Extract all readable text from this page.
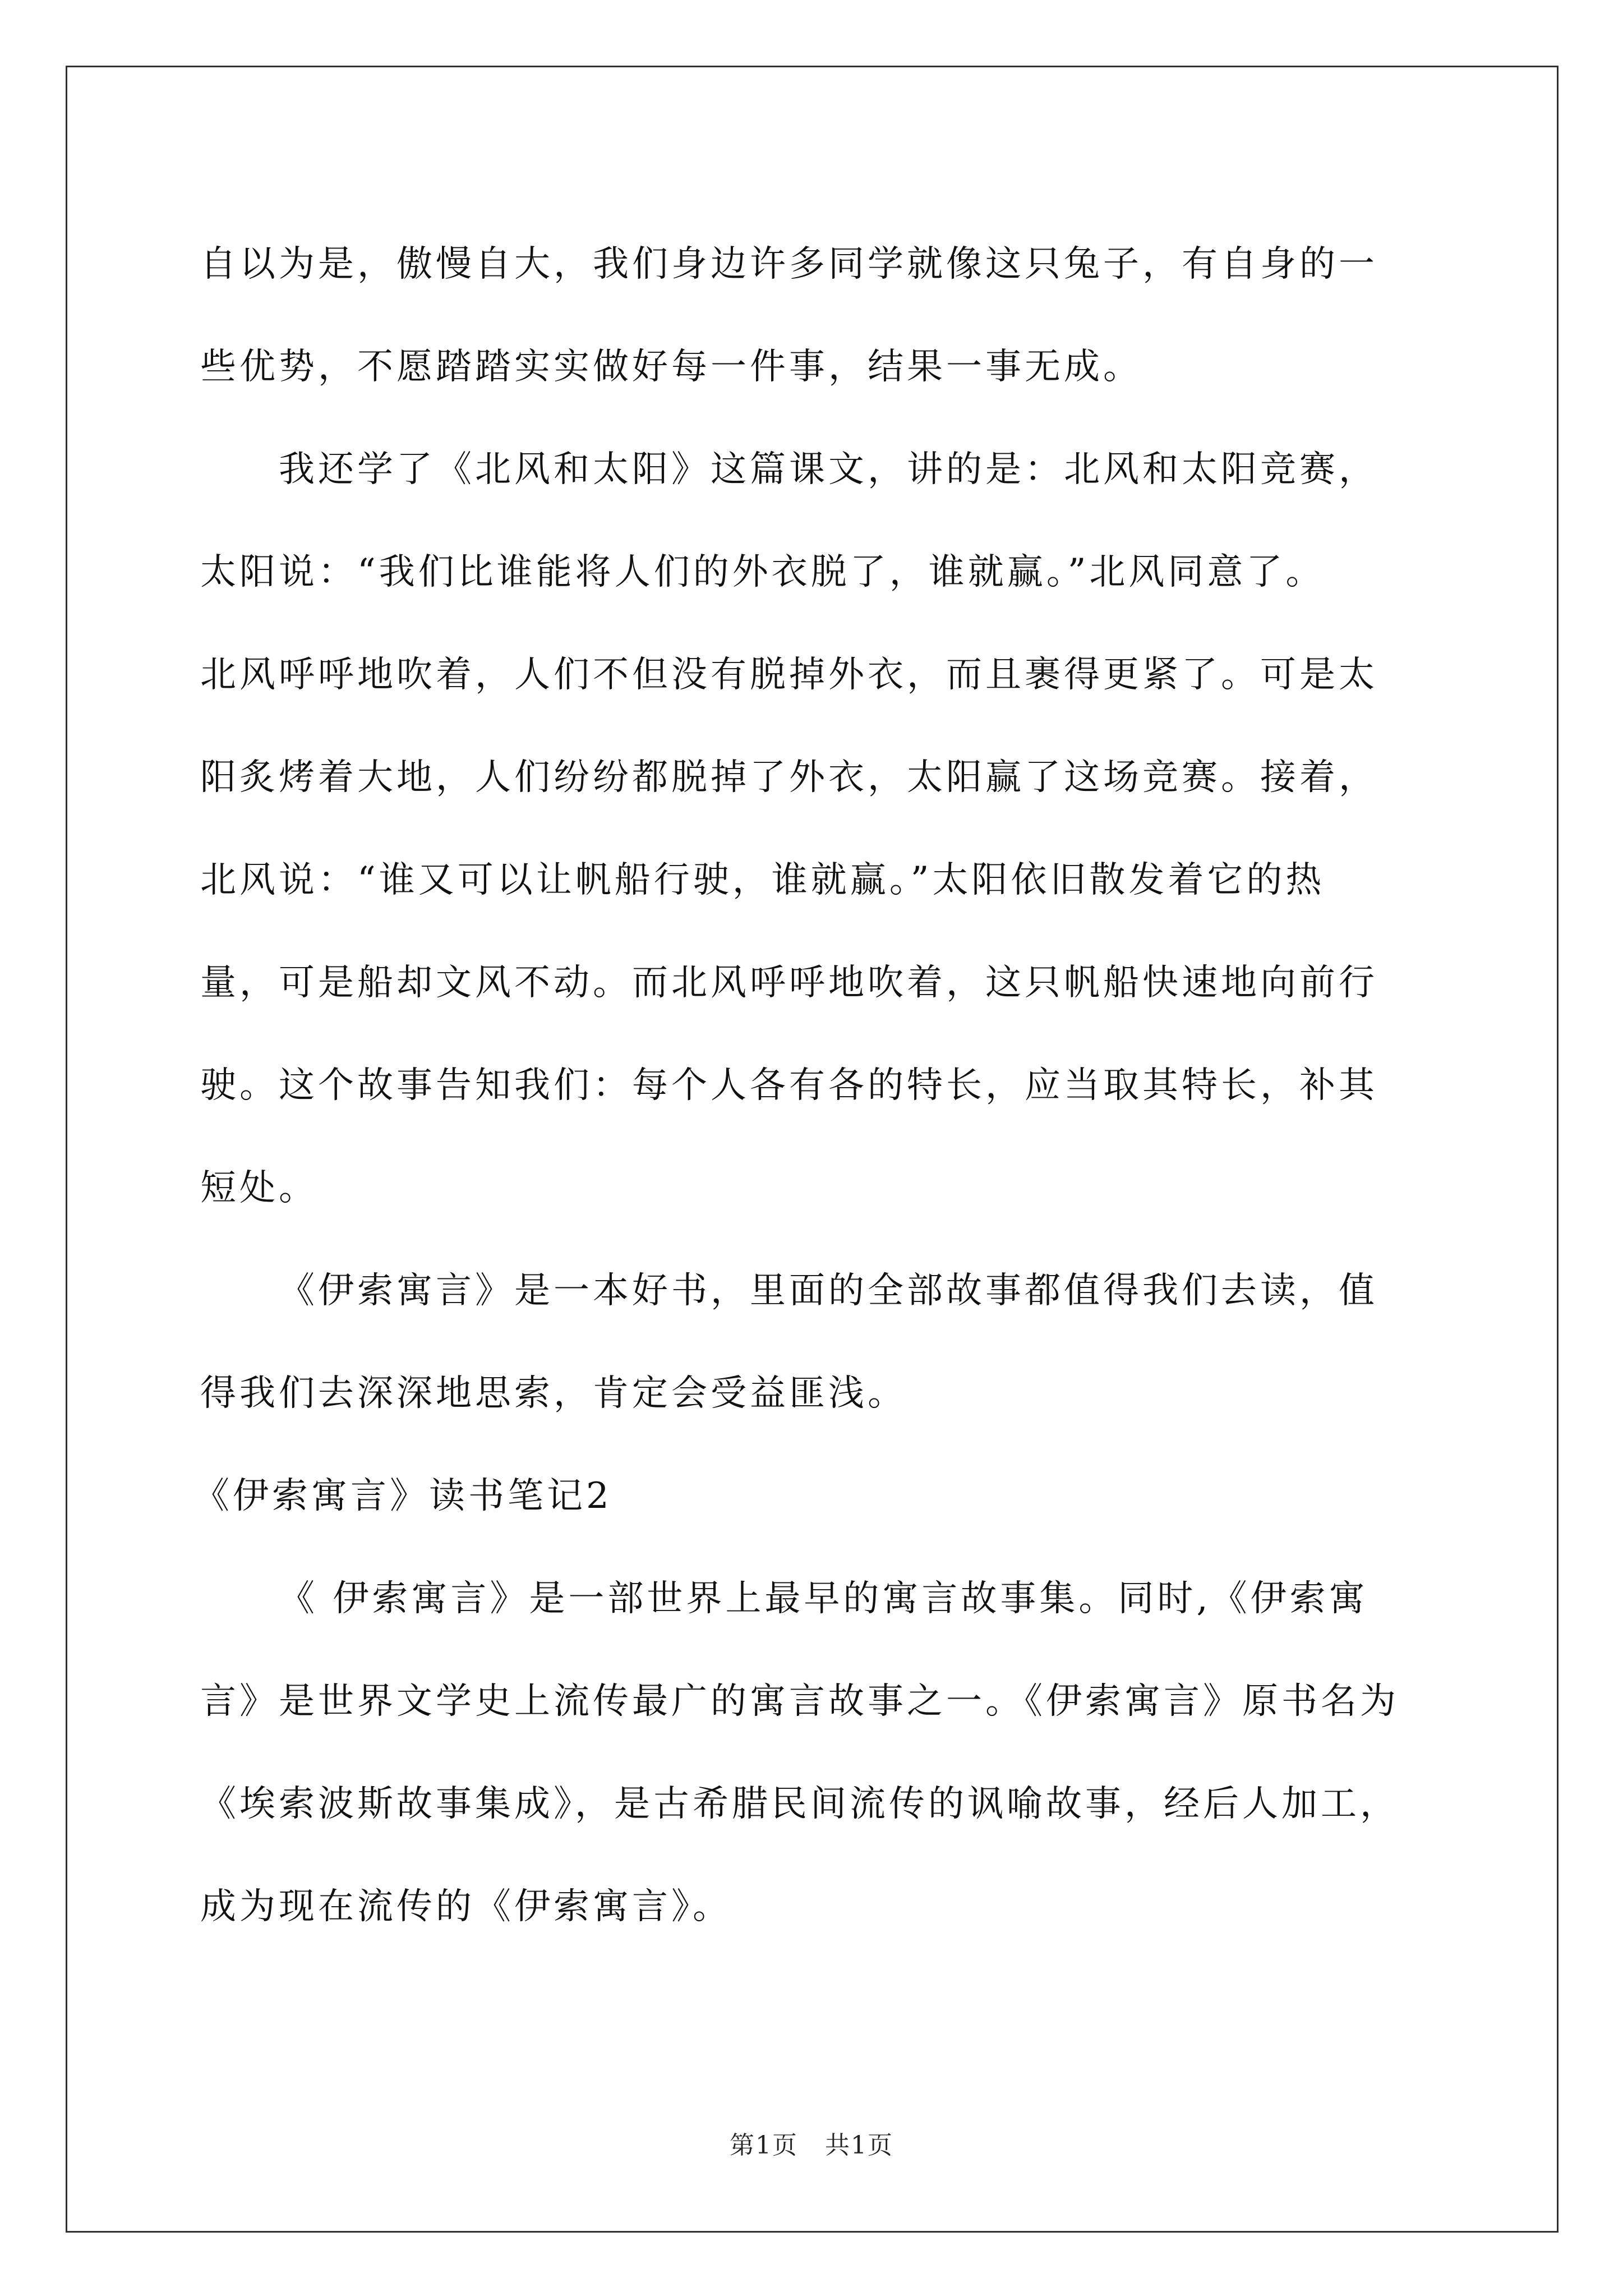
自以为是，傲慢自大，我们身边许多同学就像这只兔子，有自身的一
些优势，不愿踏踏实实做好每一件事，结果一事无成。
我还学了《北风和太阳》这篇课文，讲的是：北风和太阳竞赛，
太阳说：“我们比谁能将人们的外衣脱了，谁就赢。”北风同意了。
北风呼呼地吹着，人们不但没有脱掉外衣，而且裹得更紧了。可是太
阳炙烤着大地，人们纷纷都脱掉了外衣，太阳赢了这场竞赛。接着，
北风说：“谁又可以让帆船行驶，谁就赢。”太阳依旧散发着它的热
量，可是船却文风不动。而北风呼呼地吹着，这只帆船快速地向前行
驶。这个故事告知我们：每个人各有各的特长，应当取其特长，补其
短处。
《伊索寓言》是一本好书，里面的全部故事都值得我们去读，值
得我们去深深地思索，肯定会受益匪浅。
《伊索寓言》读书笔记2
《 伊索寓言》是一部世界上最早的寓言故事集。同时,《伊索寓
言》是世界文学史上流传最广的寓言故事之一。《伊索寓言》原书名为
《埃索波斯故事集成》，是古希腊民间流传的讽喻故事，经后人加工，
成为现在流传的《伊索寓言》。
第1页 共1页
